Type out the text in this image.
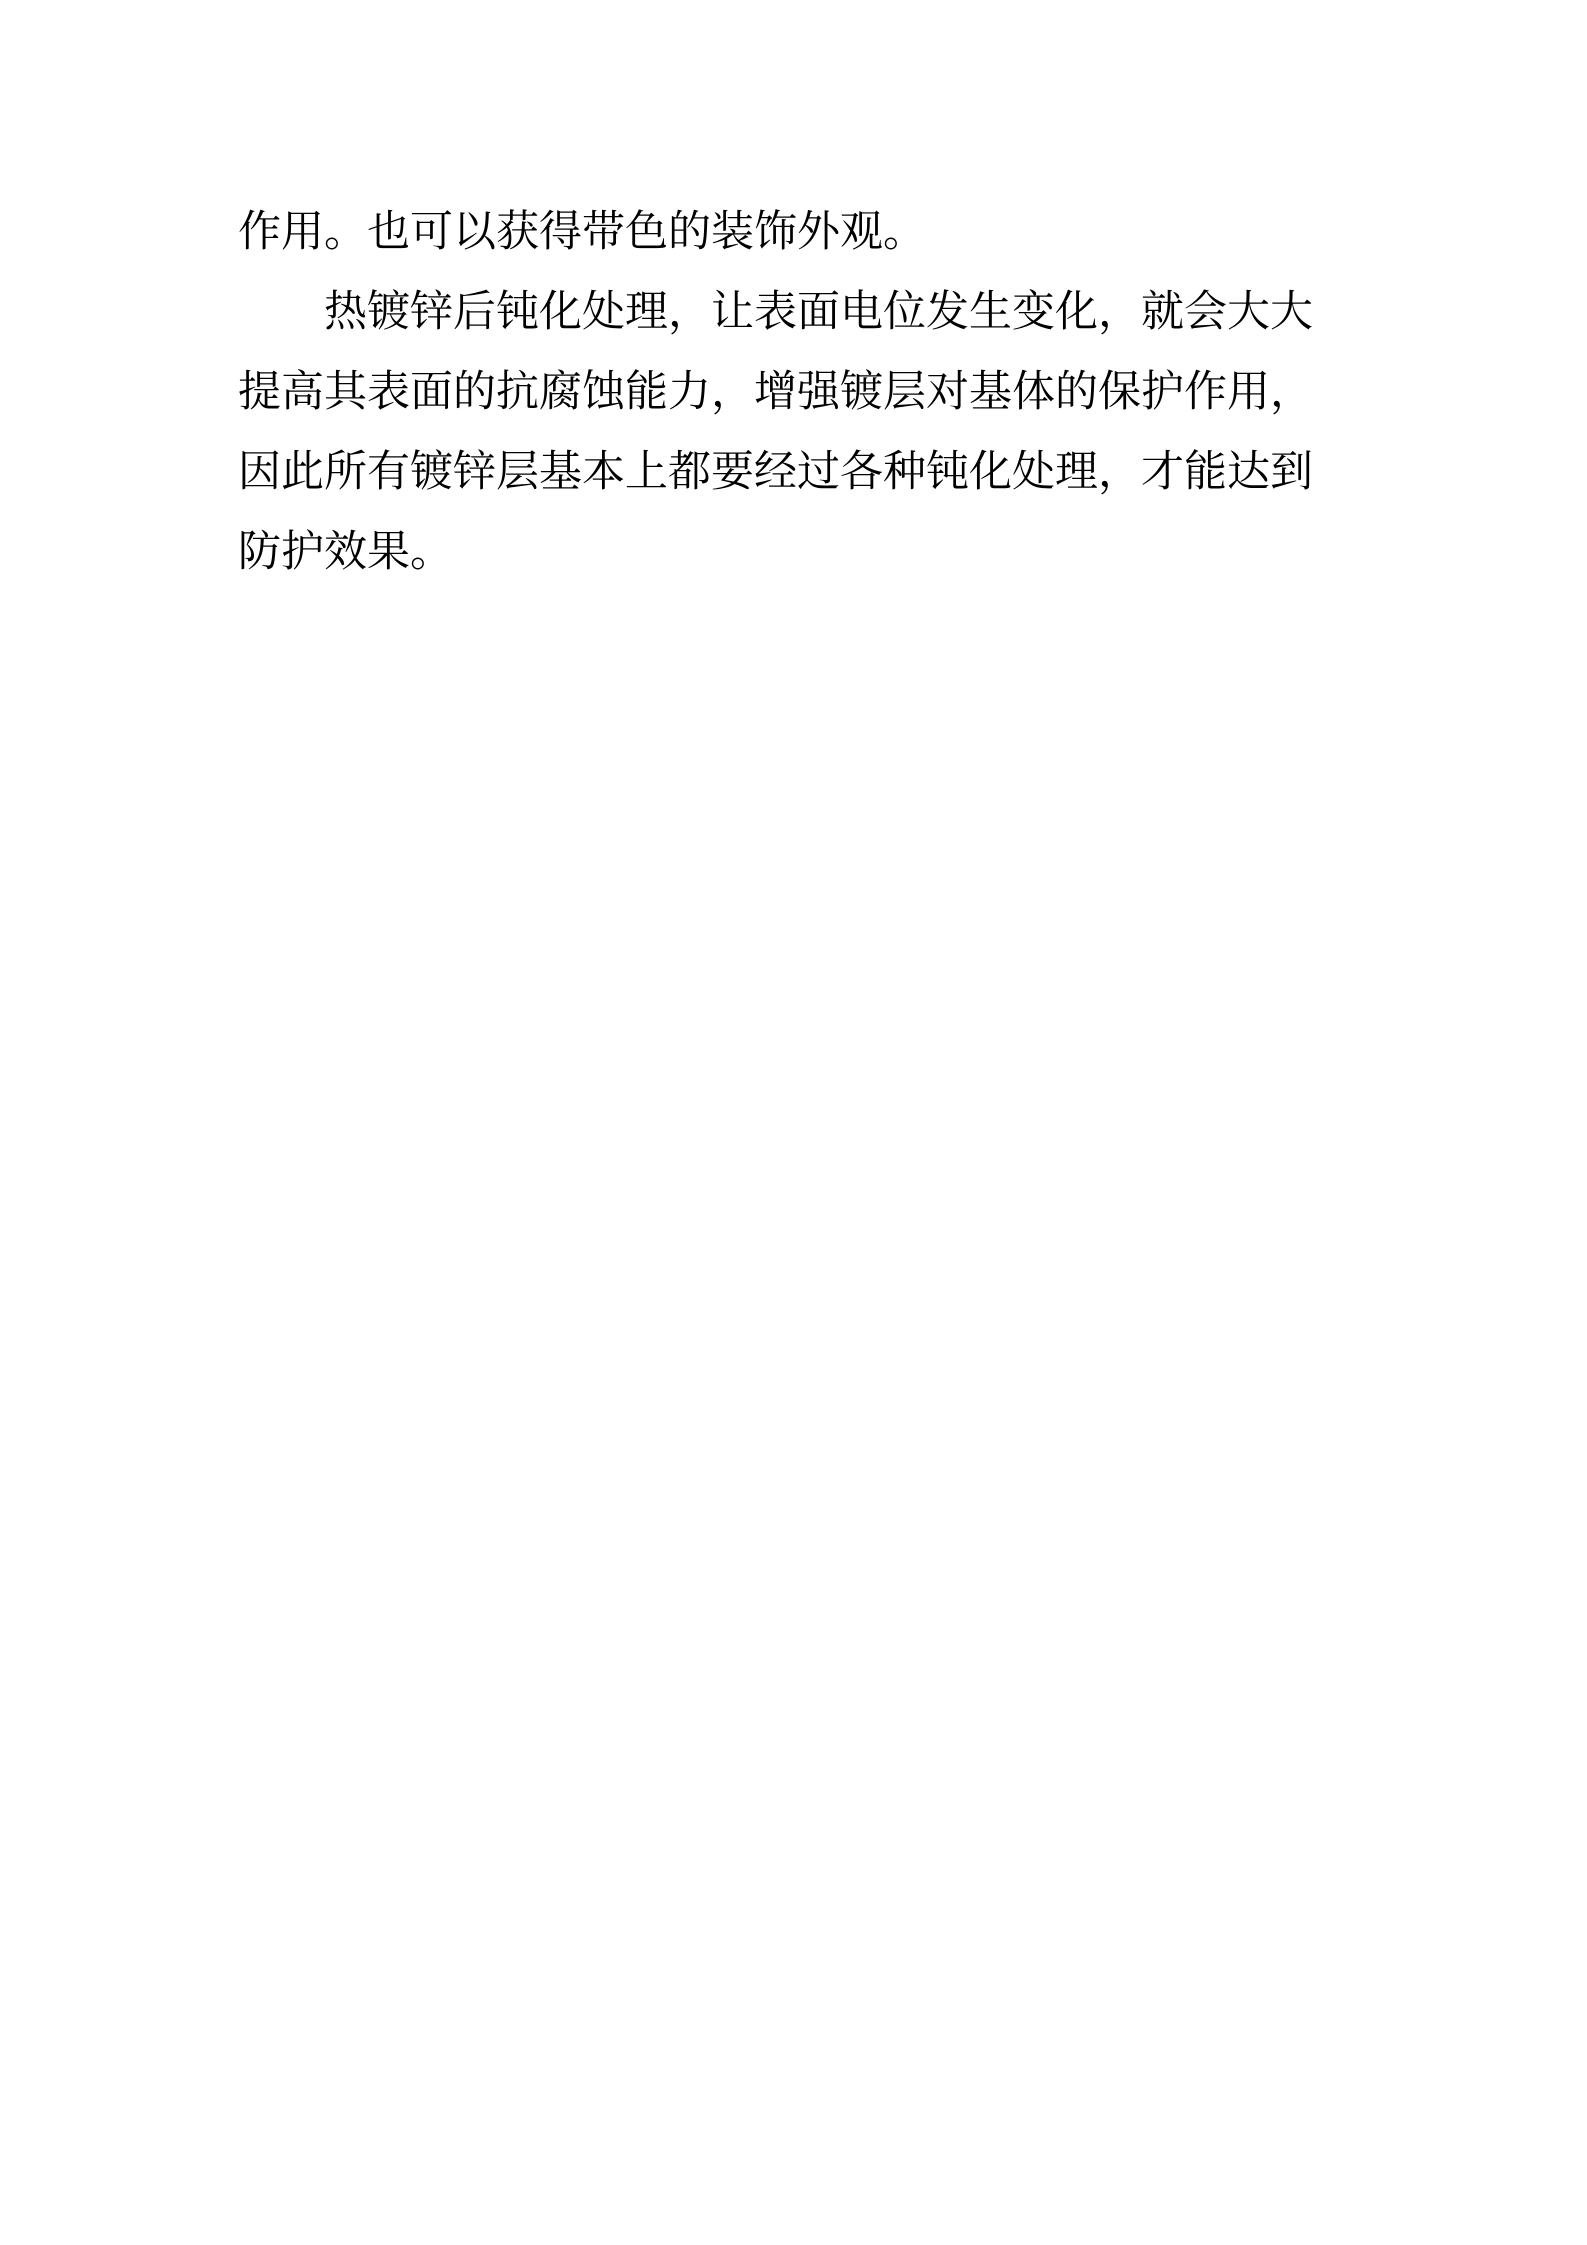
作用。也可以获得带色的装饰外观。
热镀锌后钝化处理，让表面电位发生变化，就会大大
提高其表面的抗腐蚀能力，增强镀层对基体的保护作用，
因此所有镀锌层基本上都要经过各种钝化处理，才能达到
防护效果。
